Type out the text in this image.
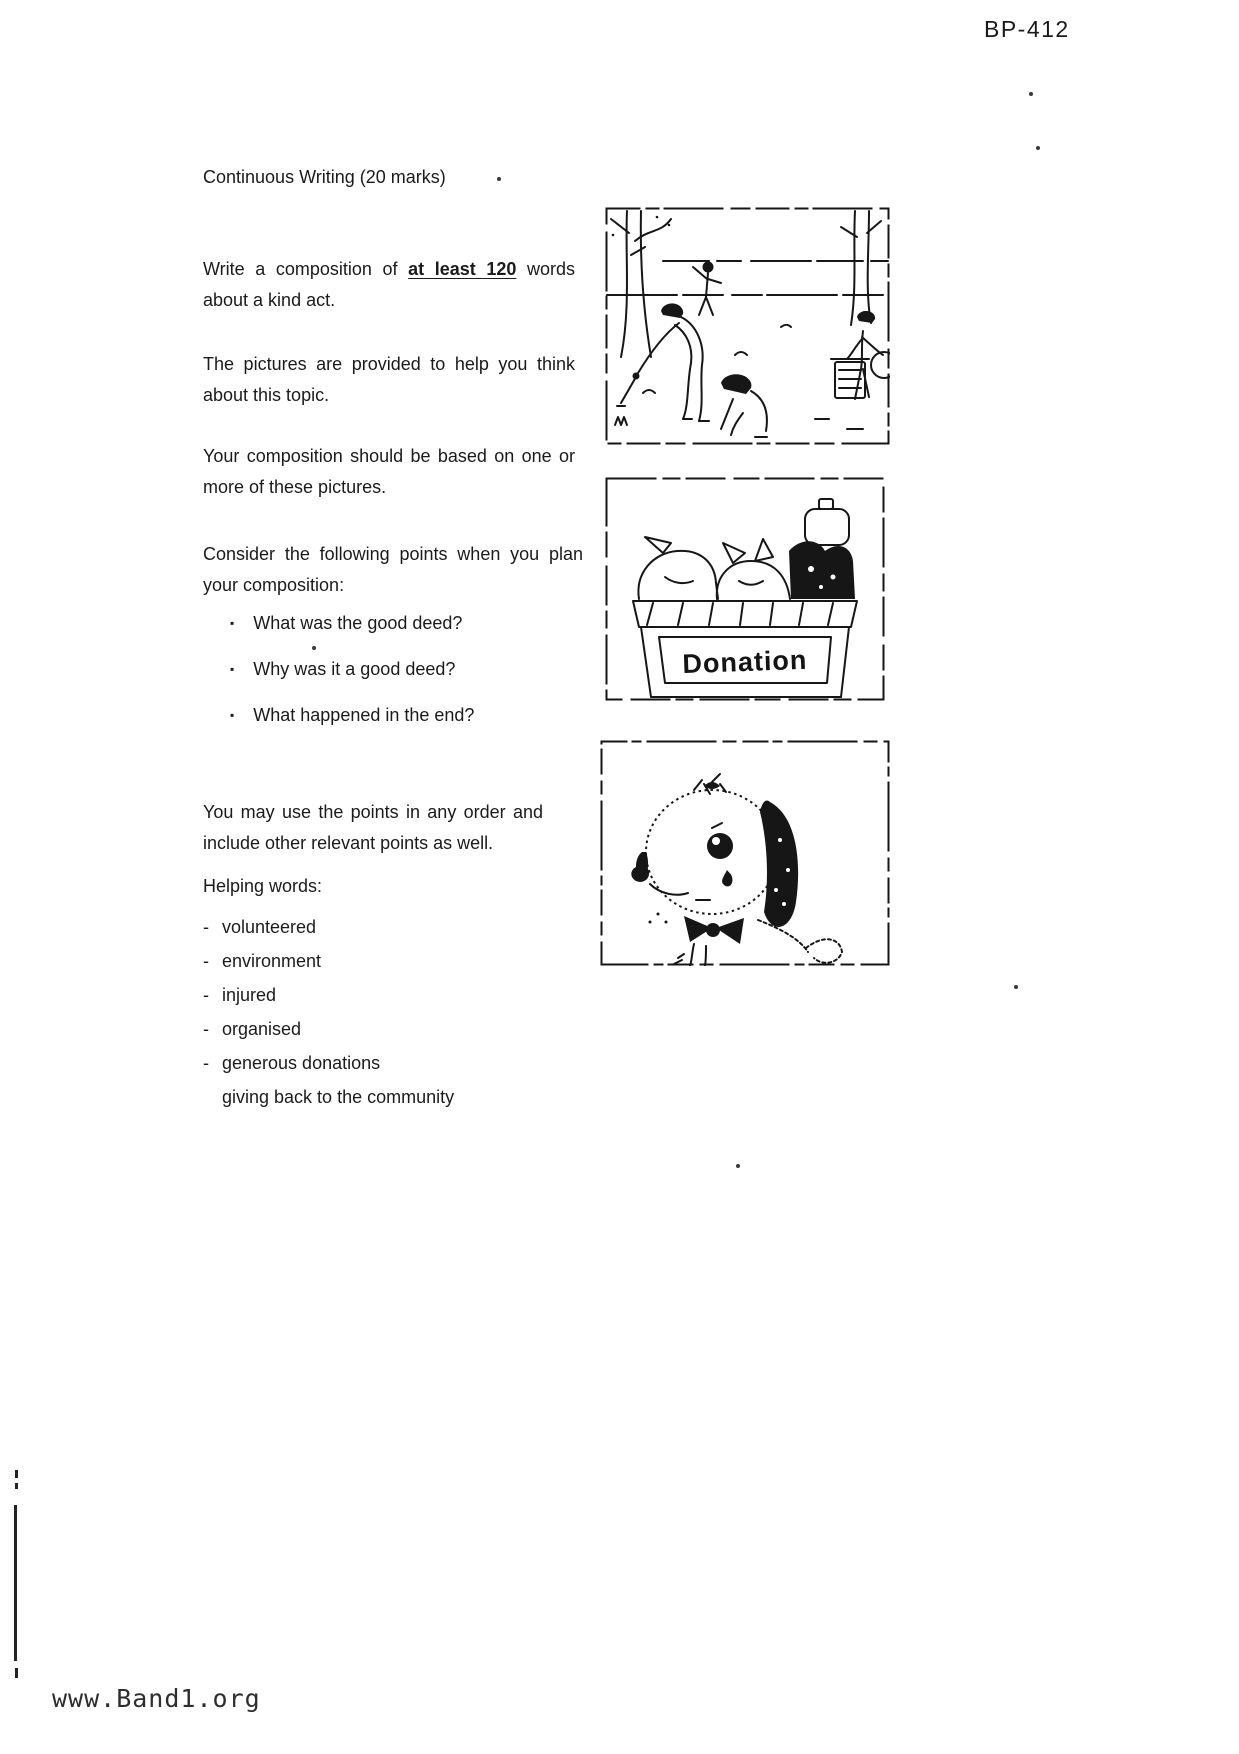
BP-412
Continuous Writing (20 marks)

Write a composition of at least 120 words about a kind act.

The pictures are provided to help you think about this topic.

Your composition should be based on one or more of these pictures.

Consider the following points when you plan your composition:

▪ What was the good deed?
▪ Why was it a good deed?
▪ What happened in the end?

You may use the points in any order and include other relevant points as well.

Helping words:
- volunteered
- environment
- injured
- organised
- generous donations
giving back to the community
Donation
www.Band1.org
